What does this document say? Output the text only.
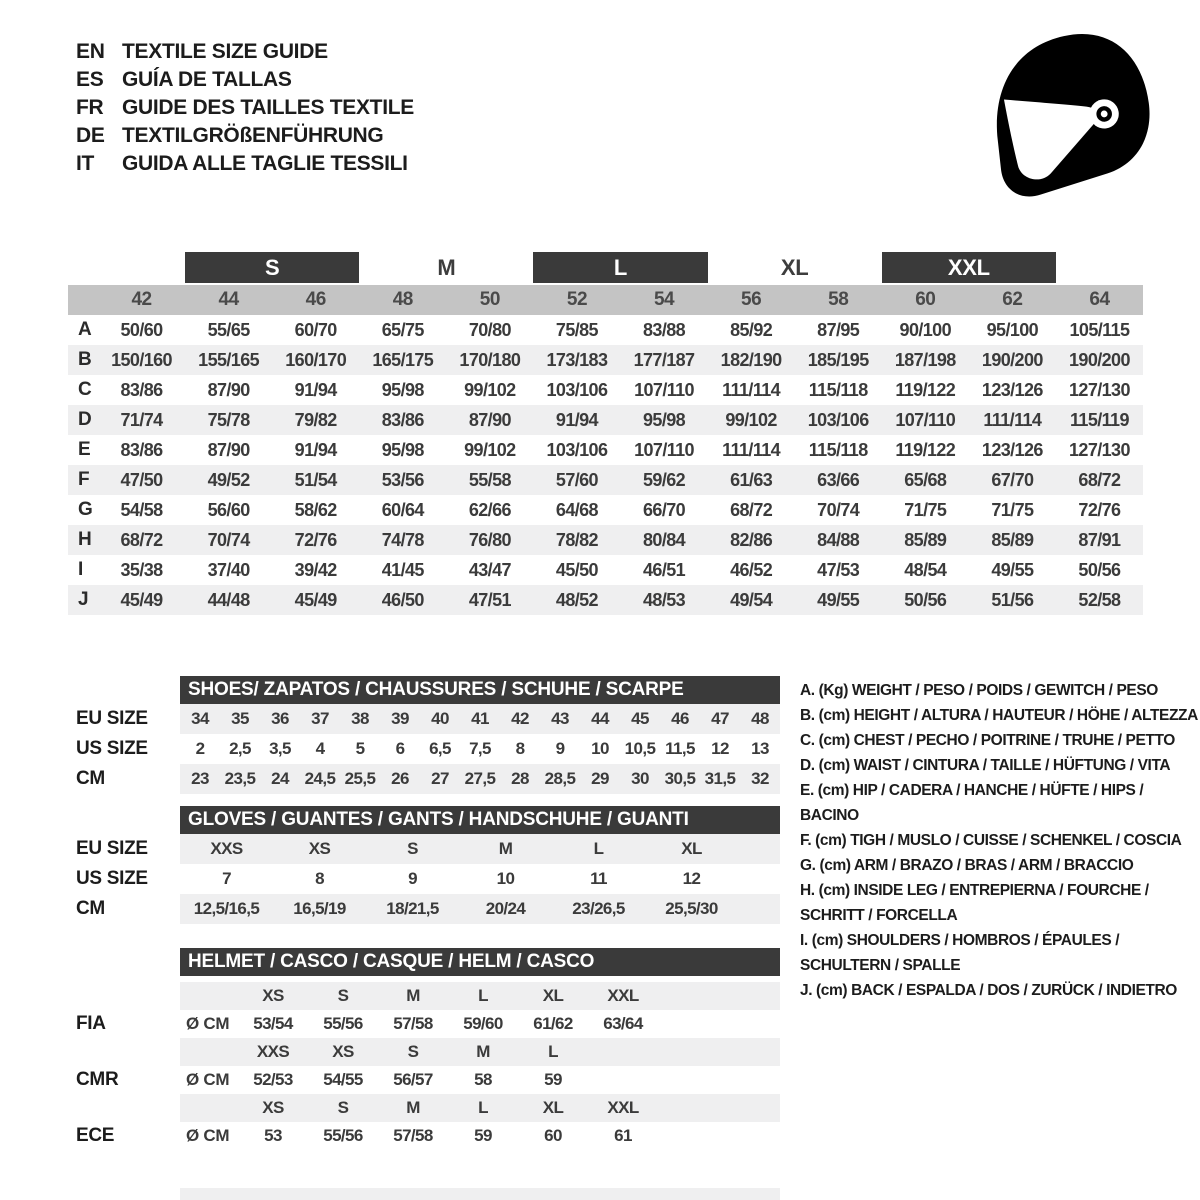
EN TEXTILE SIZE GUIDE
ES GUÍA DE TALLAS
FR GUIDE DES TAILLES TEXTILE
DE TEXTILGRÖßENFÜHRUNG
IT	GUIDA ALLE TAGLIE TESSILI
S	M	L	XL	XXL
42	44	46	48	50	52	54	56	58	60	62	64
A	50/60	55/65	60/70	65/75	70/80	75/85	83/88	85/92	87/95	90/100	95/100	105/115
B	150/160	155/165	160/170	165/175	170/180	173/183	177/187	182/190	185/195	187/198	190/200	190/200
C	83/86	87/90	91/94	95/98	99/102	103/106	107/110	111/114	115/118	119/122	123/126	127/130
D	71/74	75/78	79/82	83/86	87/90	91/94	95/98	99/102	103/106	107/110	111/114	115/119
E	83/86	87/90	91/94	95/98	99/102	103/106	107/110	111/114	115/118	119/122	123/126	127/130
F	47/50	49/52	51/54	53/56	55/58	57/60	59/62	61/63	63/66	65/68	67/70	68/72
G	54/58	56/60	58/62	60/64	62/66	64/68	66/70	68/72	70/74	71/75	71/75	72/76
H	68/72	70/74	72/76	74/78	76/80	78/82	80/84	82/86	84/88	85/89	85/89	87/91
I	35/38	37/40	39/42	41/45	43/47	45/50	46/51	46/52	47/53	48/54	49/55	50/56
J	45/49	44/48	45/49	46/50	47/51	48/52	48/53	49/54	49/55	50/56	51/56	52/58
SHOES/ ZAPATOS / CHAUSSURES / SCHUHE / SCARPE
EU SIZE	34	35	36	37	38	39	40	41	42	43	44	45	46	47	48
US SIZE	2	2,5	3,5	4	5	6	6,5	7,5	8	9	10 10,5 11,5 12	13
CM	23 23,5 24 24,5 25,5 26	27 27,5 28 28,5 29	30 30,5 31,5 32
GLOVES / GUANTES / GANTS / HANDSCHUHE / GUANTI
EU SIZE	XXS	XS	S	M	L	XL
US SIZE	7	8	9	10	11	12
CM	12,5/16,5	16,5/19	18/21,5	20/24	23/26,5	25,5/30
HELMET / CASCO / CASQUE / HELM / CASCO
XS	S	M	L	XL	XXL
FIA	Ø CM	53/54	55/56	57/58	59/60	61/62	63/64
XXS	XS	S	M	L
CMR	Ø CM	52/53	54/55	56/57	58	59
XS	S	M	L	XL	XXL
ECE	Ø CM	53	55/56	57/58	59	60	61
A. (Kg) WEIGHT / PESO / POIDS / GEWITCH / PESO
B. (cm) HEIGHT / ALTURA / HAUTEUR / HÖHE / ALTEZZA
C. (cm) CHEST / PECHO / POITRINE / TRUHE / PETTO
D. (cm) WAIST / CINTURA / TAILLE / HÜFTUNG / VITA
E. (cm) HIP / CADERA / HANCHE / HÜFTE / HIPS / BACINO
F. (cm) TIGH / MUSLO / CUISSE / SCHENKEL / COSCIA
G. (cm) ARM / BRAZO / BRAS / ARM / BRACCIO
H. (cm) INSIDE LEG / ENTREPIERNA / FOURCHE /
SCHRITT / FORCELLA
I. (cm) SHOULDERS / HOMBROS / ÉPAULES /
SCHULTERN / SPALLE
J. (cm) BACK / ESPALDA / DOS / ZURÜCK / INDIETRO
